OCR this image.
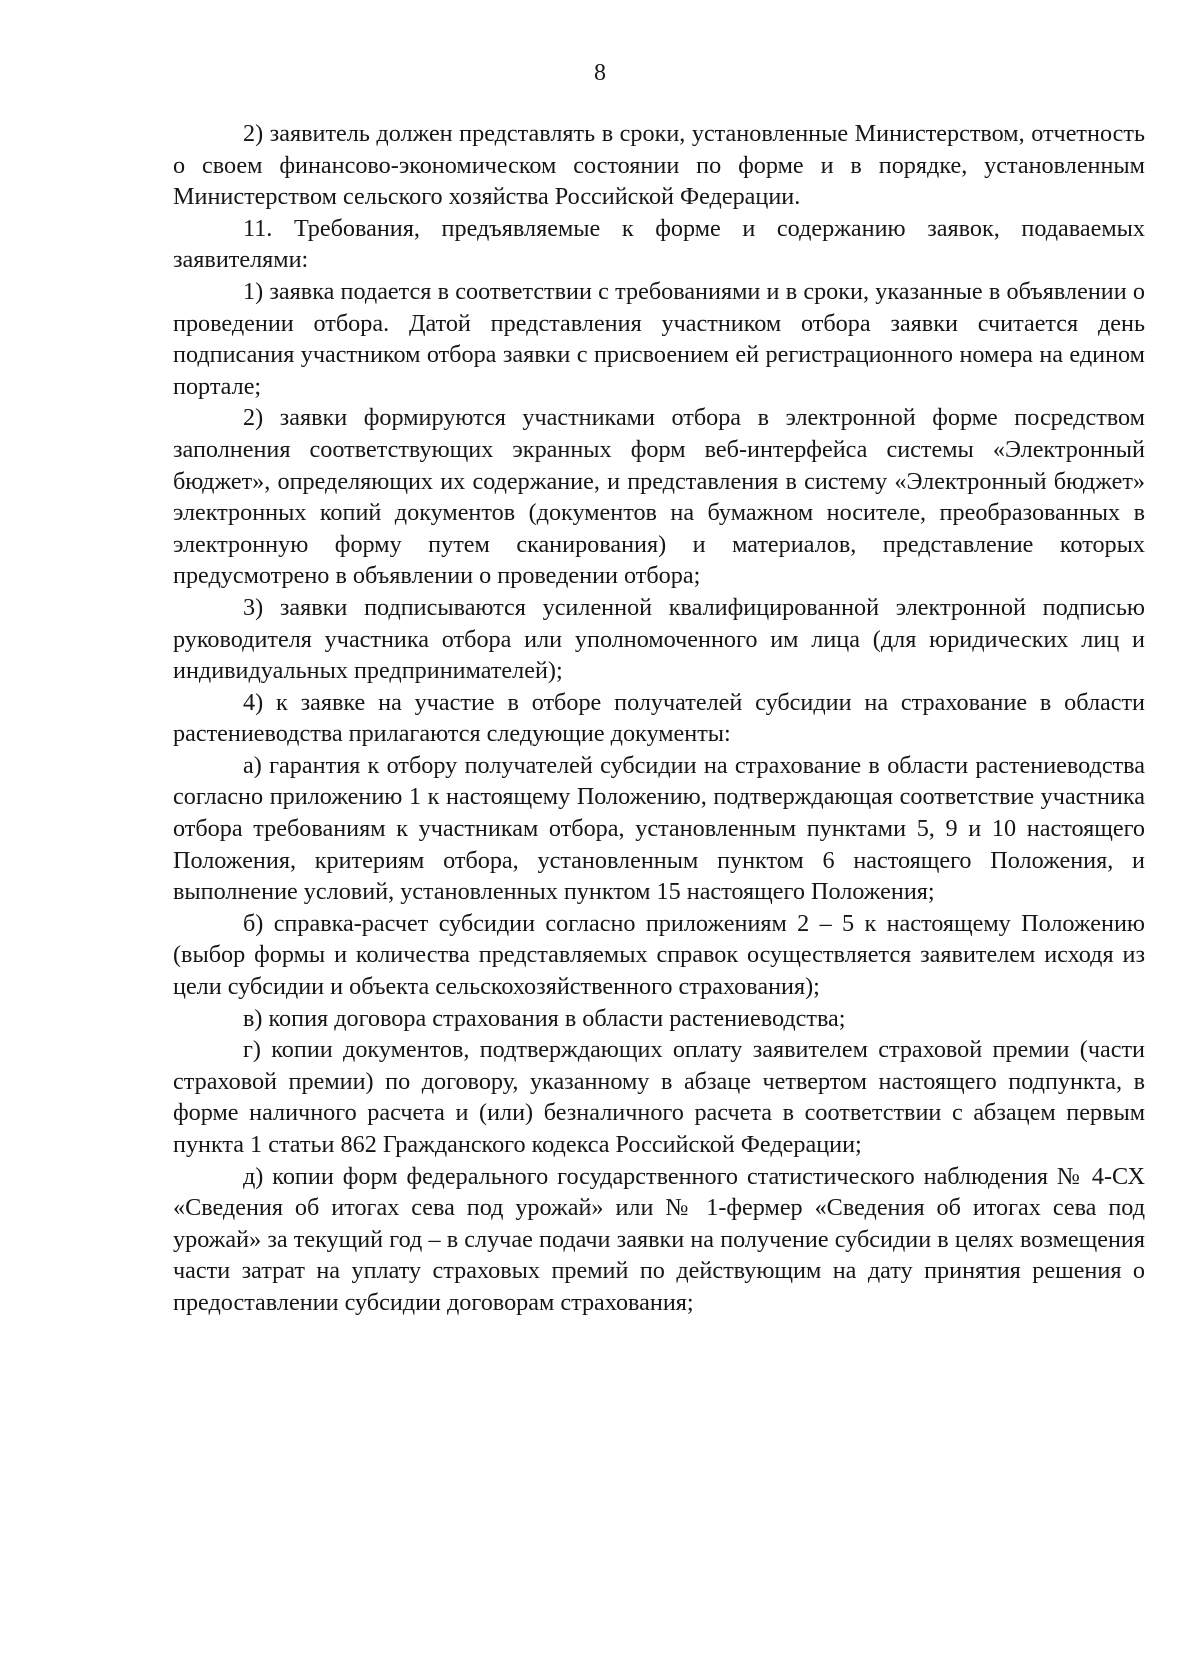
8

2) заявитель должен представлять в сроки, установленные Министерством, отчетность о своем финансово-экономическом состоянии по форме и в порядке, установленным Министерством сельского хозяйства Российской Федерации.

11. Требования, предъявляемые к форме и содержанию заявок, подаваемых заявителями:

1) заявка подается в соответствии с требованиями и в сроки, указанные в объявлении о проведении отбора. Датой представления участником отбора заявки считается день подписания участником отбора заявки с присвоением ей регистрационного номера на едином портале;

2) заявки формируются участниками отбора в электронной форме посредством заполнения соответствующих экранных форм веб-интерфейса системы «Электронный бюджет», определяющих их содержание, и представления в систему «Электронный бюджет» электронных копий документов (документов на бумажном носителе, преобразованных в электронную форму путем сканирования) и материалов, представление которых предусмотрено в объявлении о проведении отбора;

3) заявки подписываются усиленной квалифицированной электронной подписью руководителя участника отбора или уполномоченного им лица (для юридических лиц и индивидуальных предпринимателей);

4) к заявке на участие в отборе получателей субсидии на страхование в области растениеводства прилагаются следующие документы:

а) гарантия к отбору получателей субсидии на страхование в области растениеводства согласно приложению 1 к настоящему Положению, подтверждающая соответствие участника отбора требованиям к участникам отбора, установленным пунктами 5, 9 и 10 настоящего Положения, критериям отбора, установленным пунктом 6 настоящего Положения, и выполнение условий, установленных пунктом 15 настоящего Положения;

б) справка-расчет субсидии согласно приложениям 2 – 5 к настоящему Положению (выбор формы и количества представляемых справок осуществляется заявителем исходя из цели субсидии и объекта сельскохозяйственного страхования);

в) копия договора страхования в области растениеводства;

г) копии документов, подтверждающих оплату заявителем страховой премии (части страховой премии) по договору, указанному в абзаце четвертом настоящего подпункта, в форме наличного расчета и (или) безналичного расчета в соответствии с абзацем первым пункта 1 статьи 862 Гражданского кодекса Российской Федерации;

д) копии форм федерального государственного статистического наблюдения № 4-СХ «Сведения об итогах сева под урожай» или № 1-фермер «Сведения об итогах сева под урожай» за текущий год – в случае подачи заявки на получение субсидии в целях возмещения части затрат на уплату страховых премий по действующим на дату принятия решения о предоставлении субсидии договорам страхования;
